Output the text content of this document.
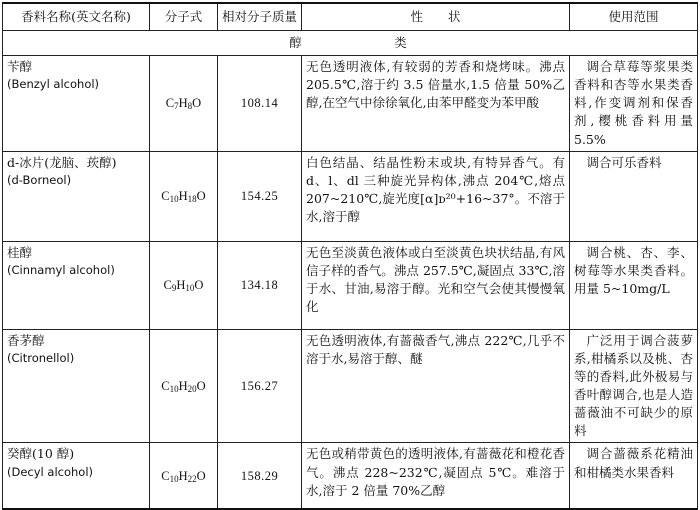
香料名称(英文名称)	分子式	相对分子质量	性　　状	使用范围
醇　类				

苄醇
(Benzyl alcohol)	$C_7H_8O$	108.14	无色透明液体,有较弱的芳香和烧烤味。沸点 205.5℃,溶于约 3.5 倍量水,1.5 倍量 50%乙醇,在空气中徐徐氧化,由苯甲醛变为苯甲酸	调合草莓等浆果类香料和杏等水果类香料,作变调剂和保香剂,樱桃香料用量5.5%

d-冰片(龙脑、莰醇)
(d-Borneol)	$C_{10}H_{18}O$	154.25	白色结晶、结晶性粉末或块,有特异香气。有 d、l、dl 三种旋光异构体,沸点 204℃,熔点 207~210℃,旋光度[α]ᴅ²⁰+16~37°。不溶于水,溶于醇	调合可乐香料

桂醇
(Cinnamyl alcohol)	$C_9H_{10}O$	134.18	无色至淡黄色液体或白至淡黄色块状结晶,有风信子样的香气。沸点 257.5℃,凝固点 33℃,溶于水、甘油,易溶于醇。光和空气会使其慢慢氧化	调合桃、杏、李、树莓等水果类香料。用量 5~10mg/L

香茅醇
(Citronellol)	$C_{10}H_{20}O$	156.27	无色透明液体,有蔷薇香气,沸点 222℃,几乎不溶于水,易溶于醇、醚	广泛用于调合菠萝系,柑橘系以及桃、杏等的香料,此外极易与香叶醇调合,也是人造蔷薇油不可缺少的原料

癸醇(10 醇)
(Decyl alcohol)	$C_{10}H_{22}O$	158.29	无色或稍带黄色的透明液体,有蔷薇花和橙花香气。沸点 228~232℃,凝固点 5℃。难溶于水,溶于 2 倍量 70%乙醇	调合蔷薇系花精油和柑橘类水果香料
